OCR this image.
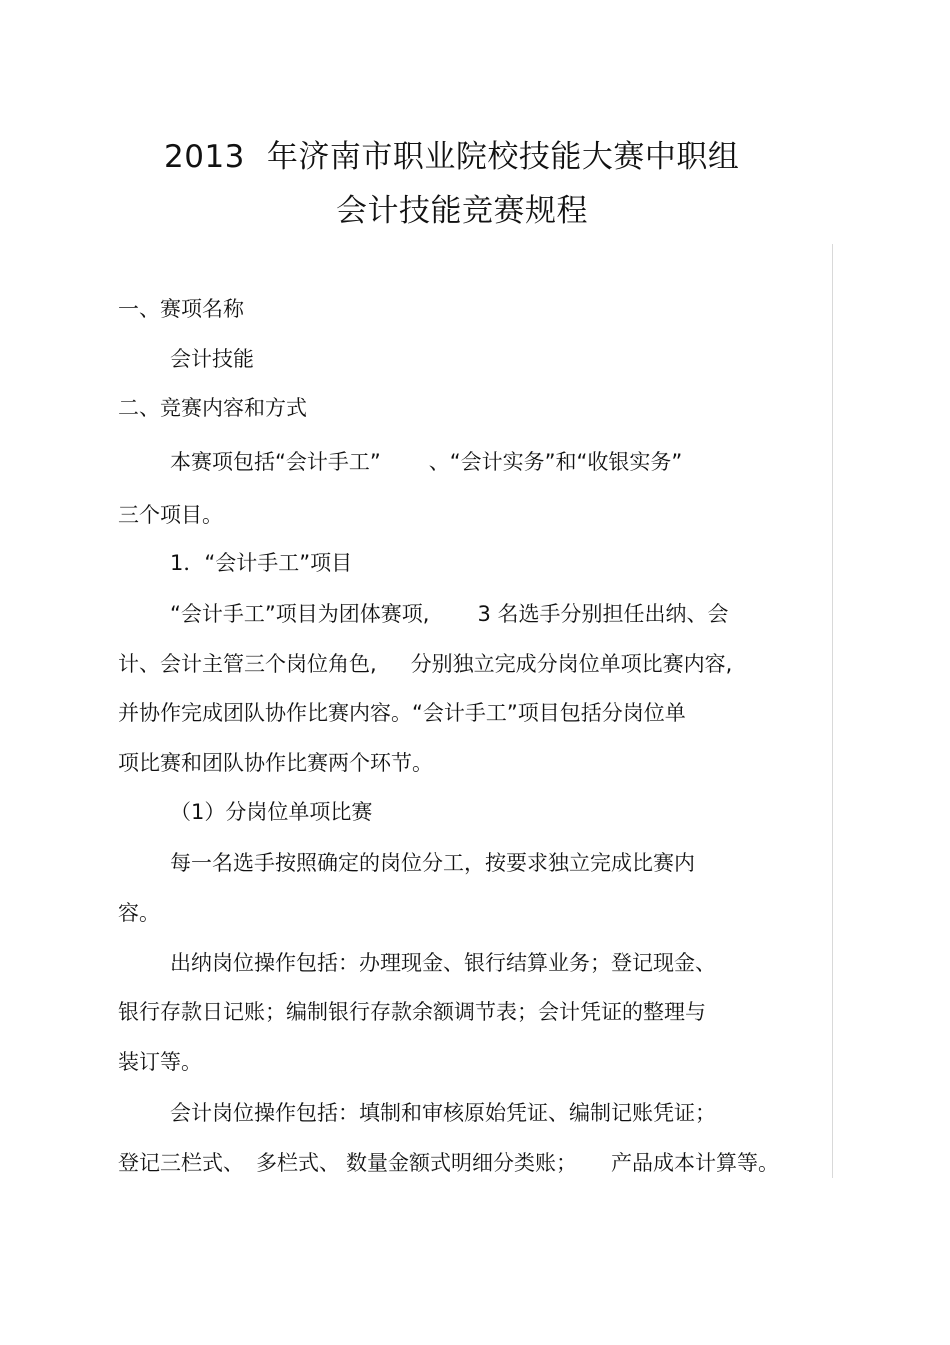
2013 年济南市职业院校技能大赛中职组
会计技能竞赛规程
一、赛项名称
会计技能
二、竞赛内容和方式
本赛项包括“会计手工” 、“会计实务”和“收银实务”
三个项目。
1．“会计手工”项目
“会计手工”项目为团体赛项, 3 名选手分别担任出纳、会
计、会计主管三个岗位角色, 分别独立完成分岗位单项比赛内容,
并协作完成团队协作比赛内容。“会计手工”项目包括分岗位单
项比赛和团队协作比赛两个环节。
（1）分岗位单项比赛
每一名选手按照确定的岗位分工，按要求独立完成比赛内
容。
出纳岗位操作包括：办理现金、银行结算业务；登记现金、
银行存款日记账；编制银行存款余额调节表；会计凭证的整理与
装订等。
会计岗位操作包括：填制和审核原始凭证、编制记账凭证；
登记三栏式、 多栏式、 数量金额式明细分类账； 产品成本计算等。
